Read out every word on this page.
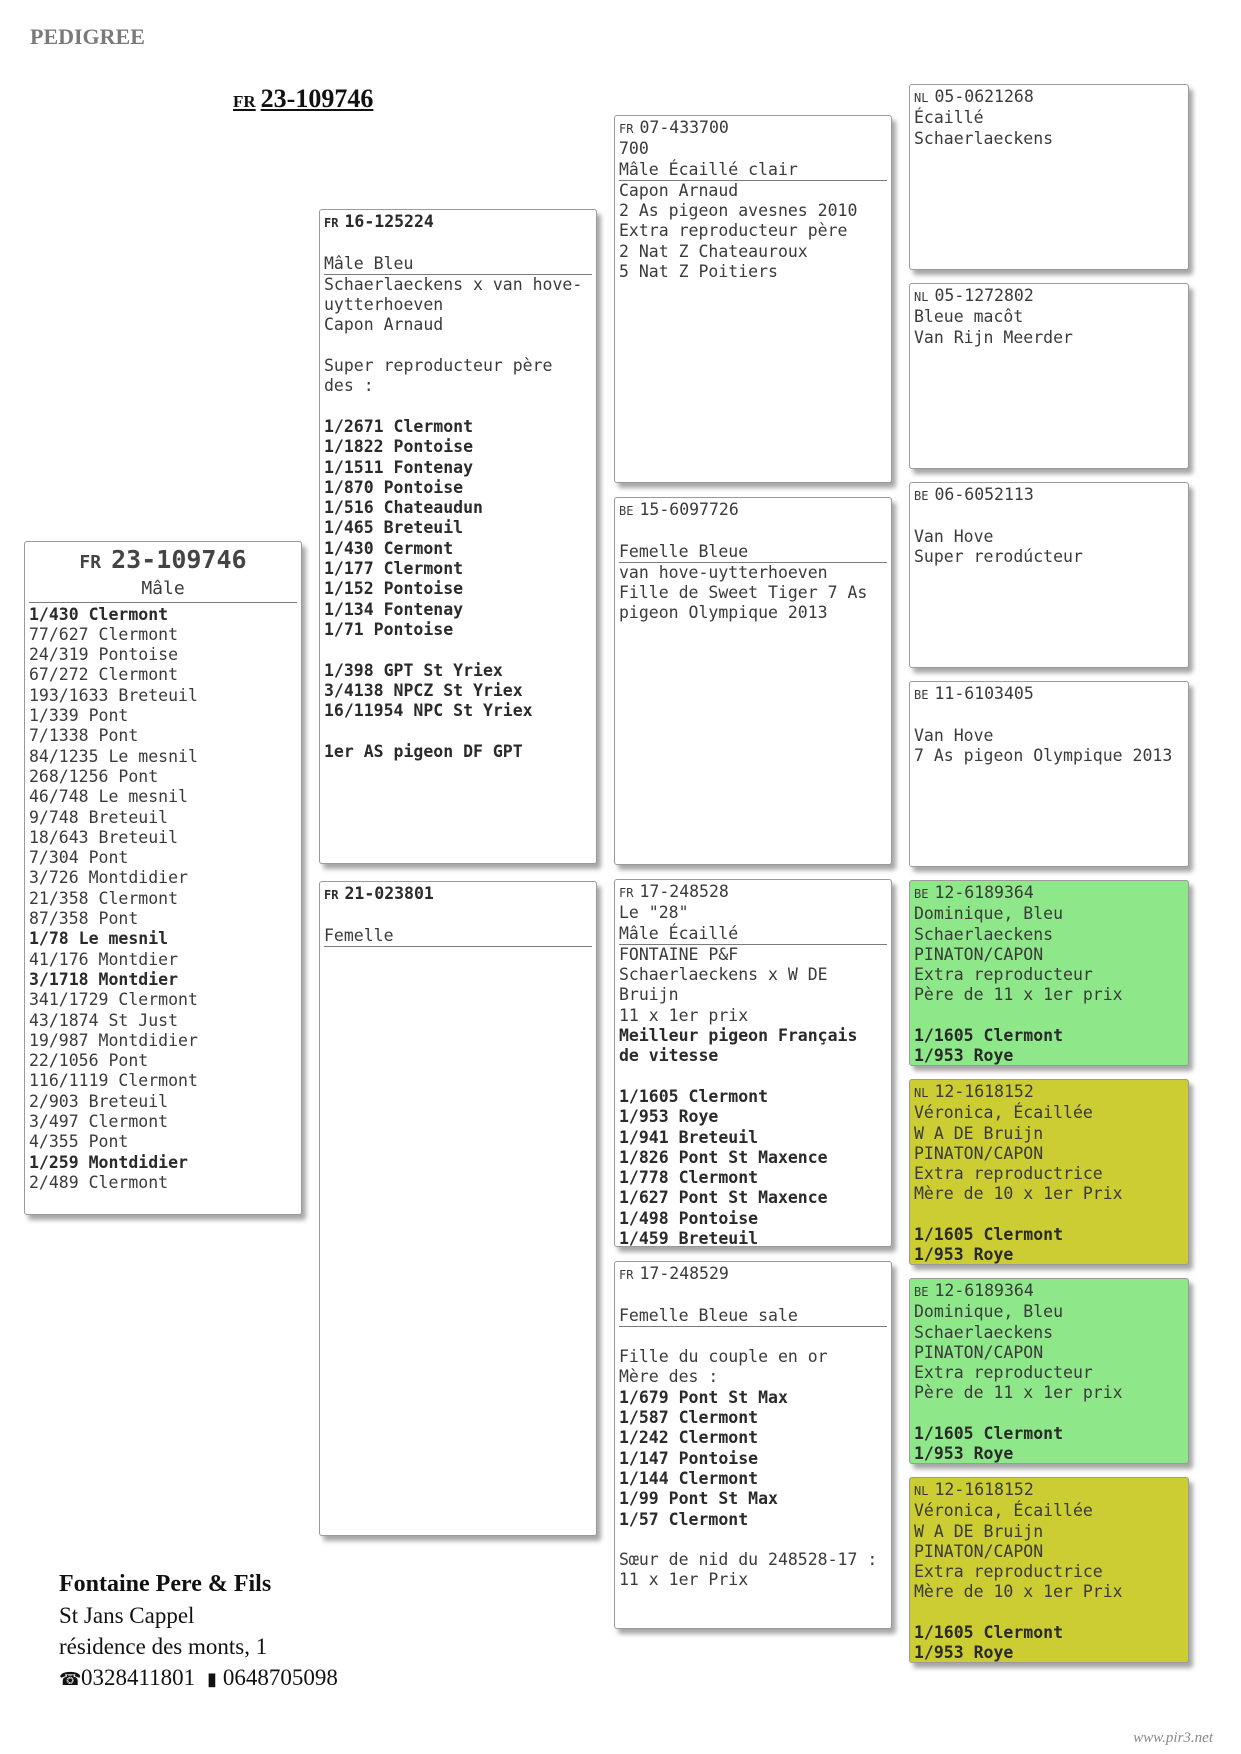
PEDIGREE
FR 23-109746
FR 23-109746
Mâle
1/430 Clermont
77/627 Clermont
24/319 Pontoise
67/272 Clermont
193/1633 Breteuil
1/339 Pont
7/1338 Pont
84/1235 Le mesnil
268/1256 Pont
46/748 Le mesnil
9/748 Breteuil
18/643 Breteuil
7/304 Pont
3/726 Montdidier
21/358 Clermont
87/358 Pont
1/78 Le mesnil
41/176 Montdier
3/1718 Montdier
341/1729 Clermont
43/1874 St Just
19/987 Montdidier
22/1056 Pont
116/1119 Clermont
2/903 Breteuil
3/497 Clermont
4/355 Pont
1/259 Montdidier
2/489 Clermont
FR 16-125224
Mâle Bleu
Schaerlaeckens x van hove-
uytterhoeven
Capon Arnaud
Super reproducteur père
des :
1/2671 Clermont
1/1822 Pontoise
1/1511 Fontenay
1/870 Pontoise
1/516 Chateaudun
1/465 Breteuil
1/430 Cermont
1/177 Clermont
1/152 Pontoise
1/134 Fontenay
1/71 Pontoise
1/398 GPT St Yriex
3/4138 NPCZ St Yriex
16/11954 NPC St Yriex
1er AS pigeon DF GPT
FR 21-023801
Femelle
FR 07-433700
700
Mâle Écaillé clair
Capon Arnaud
2 As pigeon avesnes 2010
Extra reproducteur père
2 Nat Z Chateauroux
5 Nat Z Poitiers
BE 15-6097726
Femelle Bleue
van hove-uytterhoeven
Fille de Sweet Tiger 7 As
pigeon Olympique 2013
FR 17-248528
Le "28"
Mâle Écaillé
FONTAINE P&F
Schaerlaeckens x W DE
Bruijn
11 x 1er prix
Meilleur pigeon Français
de vitesse
1/1605 Clermont
1/953 Roye
1/941 Breteuil
1/826 Pont St Maxence
1/778 Clermont
1/627 Pont St Maxence
1/498 Pontoise
1/459 Breteuil
FR 17-248529
Femelle Bleue sale
Fille du couple en or
Mère des :
1/679 Pont St Max
1/587 Clermont
1/242 Clermont
1/147 Pontoise
1/144 Clermont
1/99 Pont St Max
1/57 Clermont
Sœur de nid du 248528-17 :
11 x 1er Prix
NL 05-0621268
Écaillé
Schaerlaeckens
NL 05-1272802
Bleue macôt
Van Rijn Meerder
BE 06-6052113
Van Hove
Super rerodúcteur
BE 11-6103405
Van Hove
7 As pigeon Olympique 2013
BE 12-6189364
Dominique, Bleu
Schaerlaeckens
PINATON/CAPON
Extra reproducteur
Père de 11 x 1er prix
1/1605 Clermont
1/953 Roye
NL 12-1618152
Véronica, Écaillée
W A DE Bruijn
PINATON/CAPON
Extra reproductrice
Mère de 10 x 1er Prix
1/1605 Clermont
1/953 Roye
BE 12-6189364
Dominique, Bleu
Schaerlaeckens
PINATON/CAPON
Extra reproducteur
Père de 11 x 1er prix
1/1605 Clermont
1/953 Roye
NL 12-1618152
Véronica, Écaillée
W A DE Bruijn
PINATON/CAPON
Extra reproductrice
Mère de 10 x 1er Prix
1/1605 Clermont
1/953 Roye
Fontaine Pere & Fils
St Jans Cappel
résidence des monts, 1
☎0328411801 ▮ 0648705098
www.pir3.net
